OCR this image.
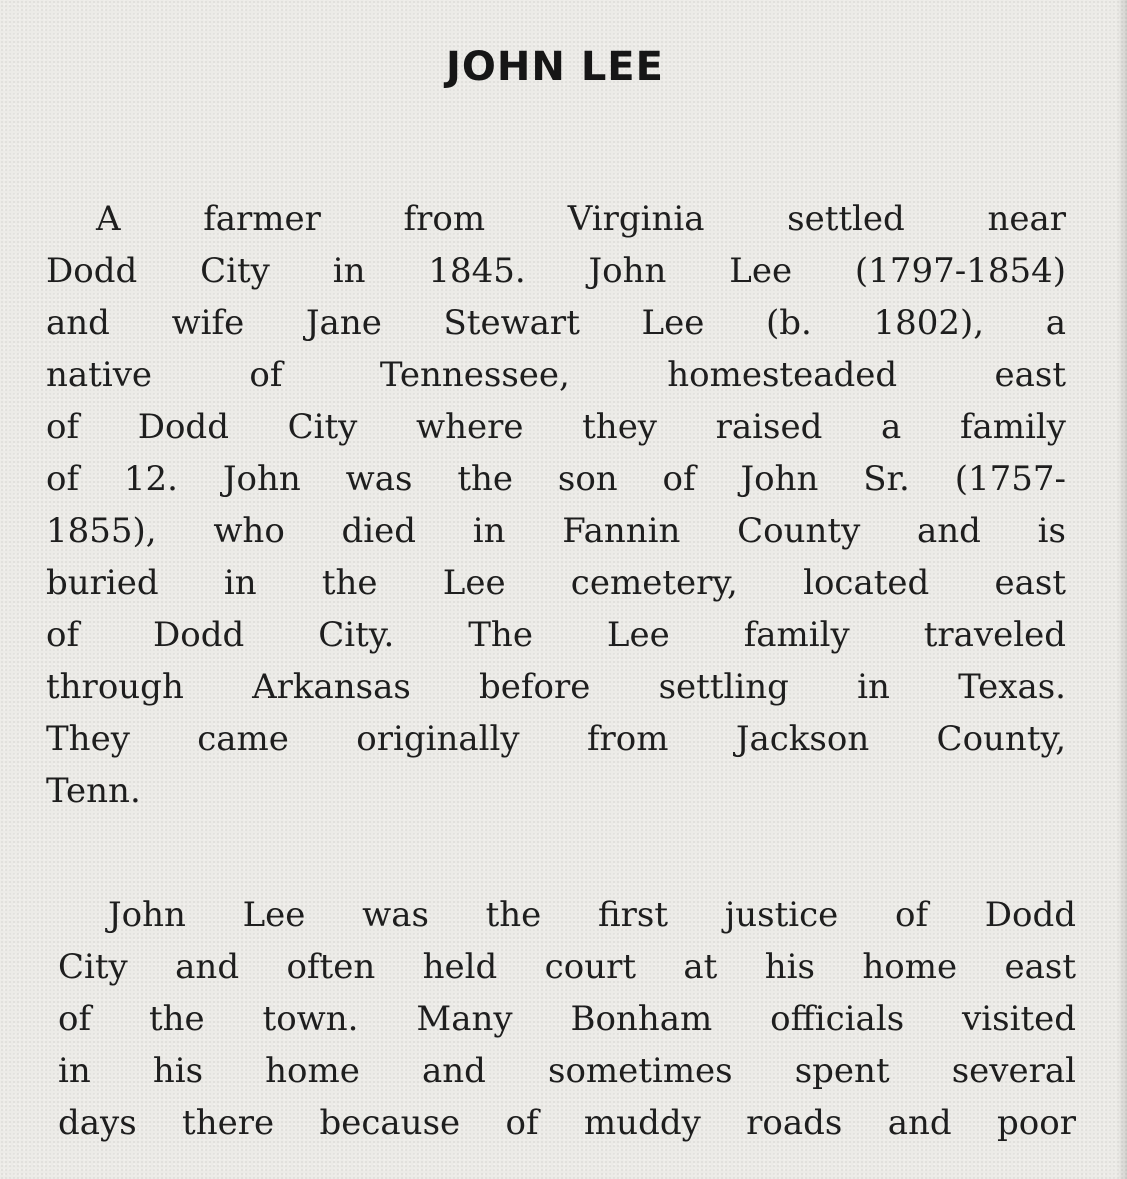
JOHN LEE
A farmer from Virginia settled near
Dodd City in 1845. John Lee (1797-1854)
and wife Jane Stewart Lee (b. 1802), a
native of Tennessee, homesteaded east
of Dodd City where they raised a family
of 12. John was the son of John Sr. (1757-
1855), who died in Fannin County and is
buried in the Lee cemetery, located east
of Dodd City. The Lee family traveled
through Arkansas before settling in Texas.
They came originally from Jackson County,
Tenn.
John Lee was the first justice of Dodd
City and often held court at his home east
of the town. Many Bonham officials visited
in his home and sometimes spent several
days there because of muddy roads and poor
